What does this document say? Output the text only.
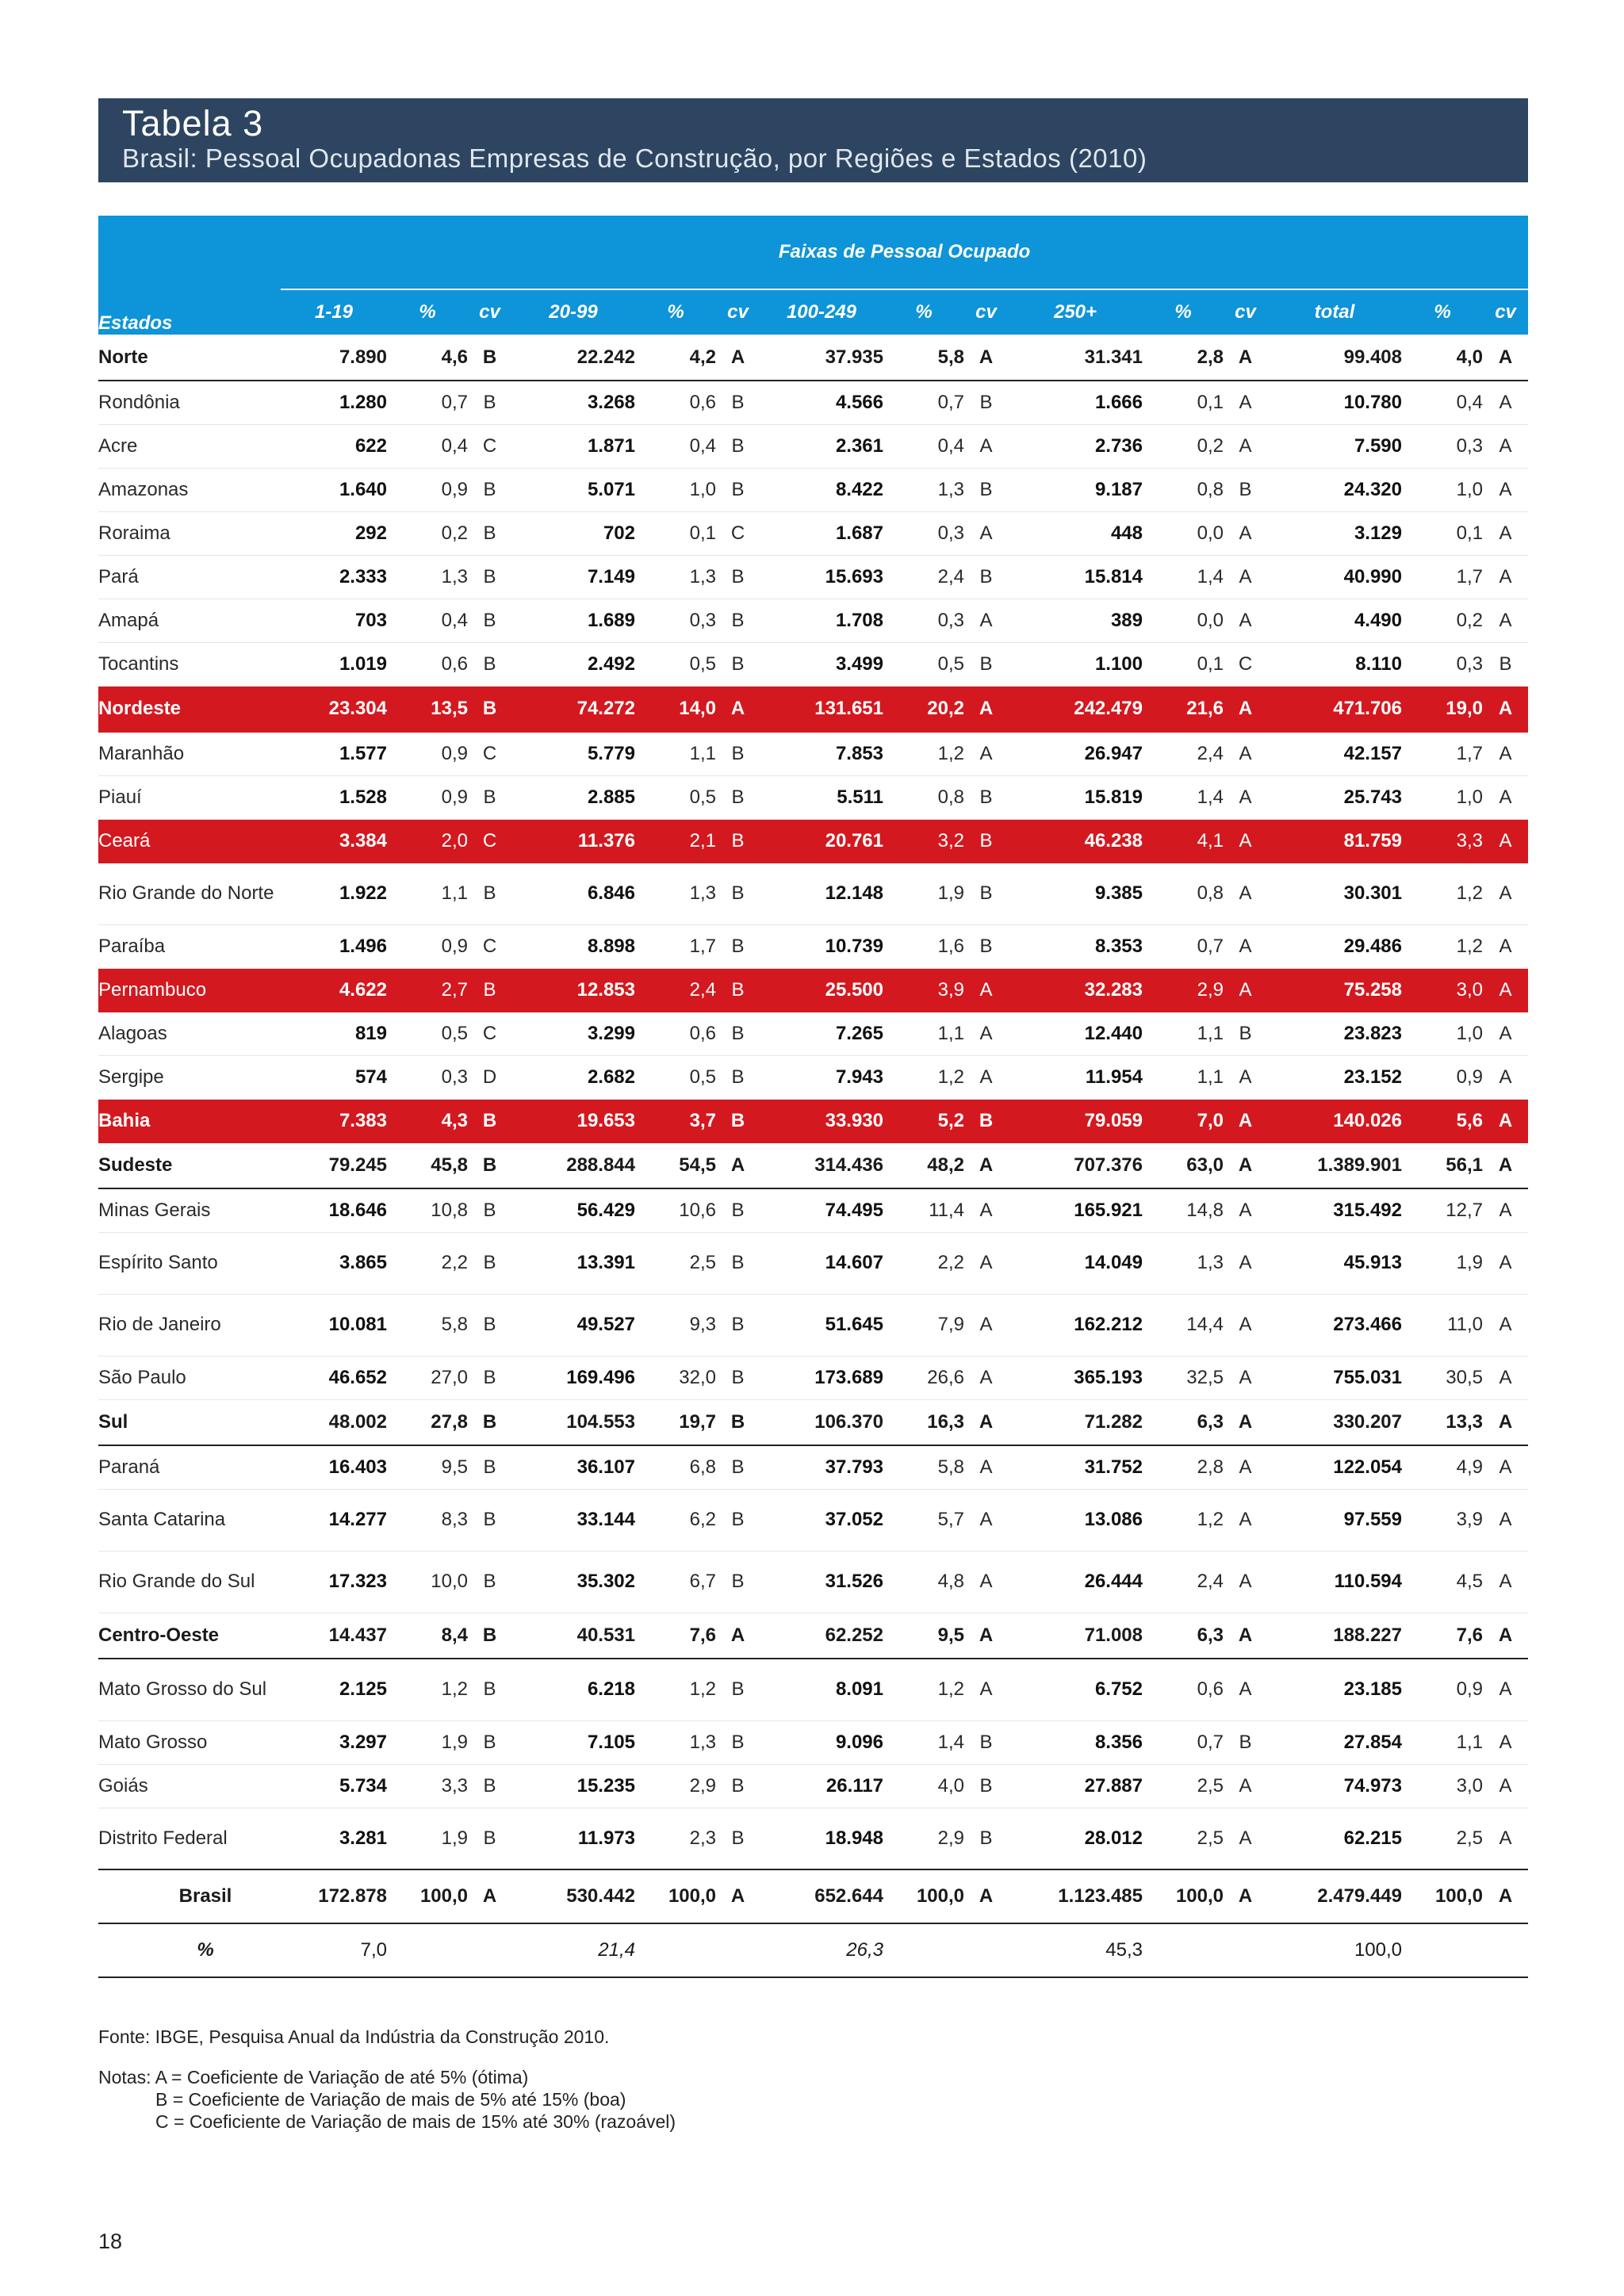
Tabela 3
Brasil: Pessoal Ocupadonas Empresas de Construção, por Regiões e Estados (2010)
Estados	Faixas de Pessoal Ocupado														
	1-19	%	cv	20-99	%	cv	100-249	%	cv	250+	%	cv	total	%	cv
Norte	7.890	4,6	B	22.242	4,2	A	37.935	5,8	A	31.341	2,8	A	99.408	4,0	A
Rondônia	1.280	0,7	B	3.268	0,6	B	4.566	0,7	B	1.666	0,1	A	10.780	0,4	A
Acre	622	0,4	C	1.871	0,4	B	2.361	0,4	A	2.736	0,2	A	7.590	0,3	A
Amazonas	1.640	0,9	B	5.071	1,0	B	8.422	1,3	B	9.187	0,8	B	24.320	1,0	A
Roraima	292	0,2	B	702	0,1	C	1.687	0,3	A	448	0,0	A	3.129	0,1	A
Pará	2.333	1,3	B	7.149	1,3	B	15.693	2,4	B	15.814	1,4	A	40.990	1,7	A
Amapá	703	0,4	B	1.689	0,3	B	1.708	0,3	A	389	0,0	A	4.490	0,2	A
Tocantins	1.019	0,6	B	2.492	0,5	B	3.499	0,5	B	1.100	0,1	C	8.110	0,3	B
Nordeste	23.304	13,5	B	74.272	14,0	A	131.651	20,2	A	242.479	21,6	A	471.706	19,0	A
Maranhão	1.577	0,9	C	5.779	1,1	B	7.853	1,2	A	26.947	2,4	A	42.157	1,7	A
Piauí	1.528	0,9	B	2.885	0,5	B	5.511	0,8	B	15.819	1,4	A	25.743	1,0	A
Ceará	3.384	2,0	C	11.376	2,1	B	20.761	3,2	B	46.238	4,1	A	81.759	3,3	A
Rio Grande do Norte	1.922	1,1	B	6.846	1,3	B	12.148	1,9	B	9.385	0,8	A	30.301	1,2	A
Paraíba	1.496	0,9	C	8.898	1,7	B	10.739	1,6	B	8.353	0,7	A	29.486	1,2	A
Pernambuco	4.622	2,7	B	12.853	2,4	B	25.500	3,9	A	32.283	2,9	A	75.258	3,0	A
Alagoas	819	0,5	C	3.299	0,6	B	7.265	1,1	A	12.440	1,1	B	23.823	1,0	A
Sergipe	574	0,3	D	2.682	0,5	B	7.943	1,2	A	11.954	1,1	A	23.152	0,9	A
Bahia	7.383	4,3	B	19.653	3,7	B	33.930	5,2	B	79.059	7,0	A	140.026	5,6	A
Sudeste	79.245	45,8	B	288.844	54,5	A	314.436	48,2	A	707.376	63,0	A	1.389.901	56,1	A
Minas Gerais	18.646	10,8	B	56.429	10,6	B	74.495	11,4	A	165.921	14,8	A	315.492	12,7	A
Espírito Santo	3.865	2,2	B	13.391	2,5	B	14.607	2,2	A	14.049	1,3	A	45.913	1,9	A
Rio de Janeiro	10.081	5,8	B	49.527	9,3	B	51.645	7,9	A	162.212	14,4	A	273.466	11,0	A
São Paulo	46.652	27,0	B	169.496	32,0	B	173.689	26,6	A	365.193	32,5	A	755.031	30,5	A
Sul	48.002	27,8	B	104.553	19,7	B	106.370	16,3	A	71.282	6,3	A	330.207	13,3	A
Paraná	16.403	9,5	B	36.107	6,8	B	37.793	5,8	A	31.752	2,8	A	122.054	4,9	A
Santa Catarina	14.277	8,3	B	33.144	6,2	B	37.052	5,7	A	13.086	1,2	A	97.559	3,9	A
Rio Grande do Sul	17.323	10,0	B	35.302	6,7	B	31.526	4,8	A	26.444	2,4	A	110.594	4,5	A
Centro-Oeste	14.437	8,4	B	40.531	7,6	A	62.252	9,5	A	71.008	6,3	A	188.227	7,6	A
Mato Grosso do Sul	2.125	1,2	B	6.218	1,2	B	8.091	1,2	A	6.752	0,6	A	23.185	0,9	A
Mato Grosso	3.297	1,9	B	7.105	1,3	B	9.096	1,4	B	8.356	0,7	B	27.854	1,1	A
Goiás	5.734	3,3	B	15.235	2,9	B	26.117	4,0	B	27.887	2,5	A	74.973	3,0	A
Distrito Federal	3.281	1,9	B	11.973	2,3	B	18.948	2,9	B	28.012	2,5	A	62.215	2,5	A
Brasil	172.878	100,0	A	530.442	100,0	A	652.644	100,0	A	1.123.485	100,0	A	2.479.449	100,0	A
%	7,0			21,4			26,3			45,3			100,0		
Fonte: IBGE, Pesquisa Anual da Indústria da Construção 2010.
Notas: A = Coeficiente de Variação de até 5% (ótima)
B = Coeficiente de Variação de mais de 5% até 15% (boa)
C = Coeficiente de Variação de mais de 15% até 30% (razoável)
18
